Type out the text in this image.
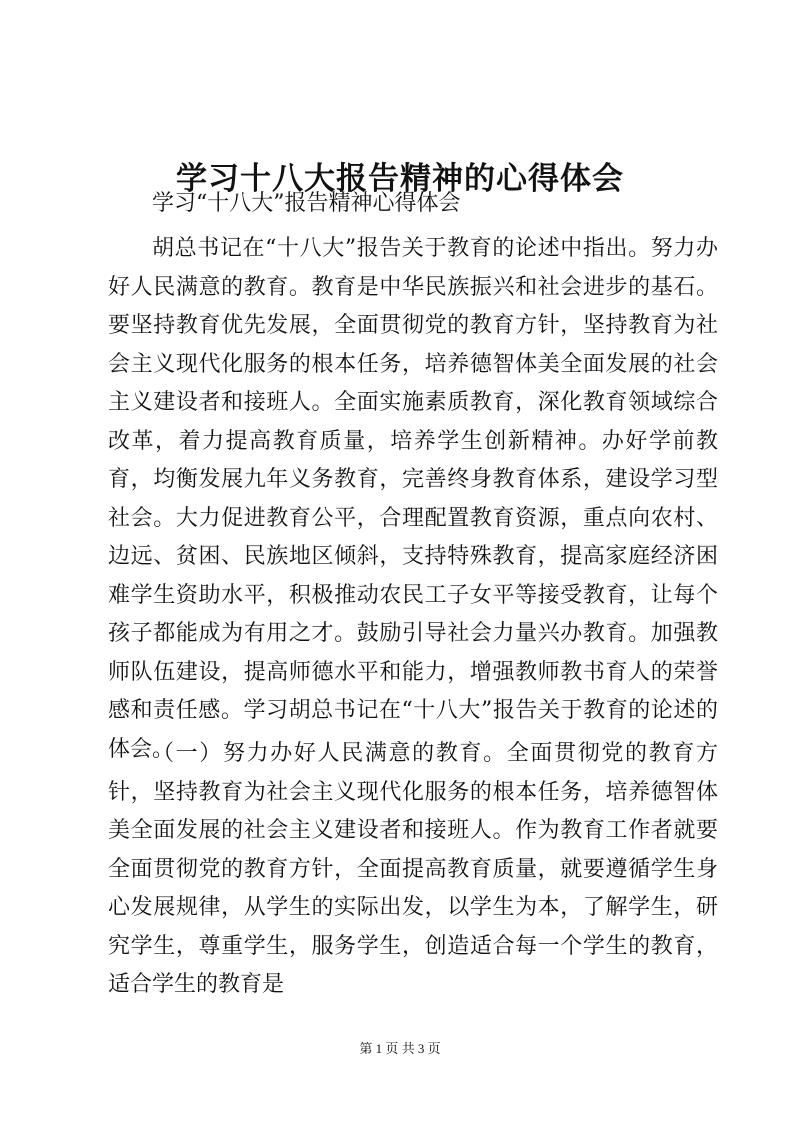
学习十八大报告精神的心得体会

学习“十八大”报告精神心得体会

胡总书记在“十八大”报告关于教育的论述中指出。努力办好人民满意的教育。教育是中华民族振兴和社会进步的基石。要坚持教育优先发展，全面贯彻党的教育方针，坚持教育为社会主义现代化服务的根本任务，培养德智体美全面发展的社会主义建设者和接班人。全面实施素质教育，深化教育领域综合改革，着力提高教育质量，培养学生创新精神。办好学前教育，均衡发展九年义务教育，完善终身教育体系，建设学习型社会。大力促进教育公平，合理配置教育资源，重点向农村、边远、贫困、民族地区倾斜，支持特殊教育，提高家庭经济困难学生资助水平，积极推动农民工子女平等接受教育，让每个孩子都能成为有用之才。鼓励引导社会力量兴办教育。加强教师队伍建设，提高师德水平和能力，增强教师教书育人的荣誉感和责任感。学习胡总书记在“十八大”报告关于教育的论述的体会。

（一）努力办好人民满意的教育。全面贯彻党的教育方针，坚持教育为社会主义现代化服务的根本任务，培养德智体美全面发展的社会主义建设者和接班人。作为教育工作者就要全面贯彻党的教育方针，全面提高教育质量，就要遵循学生身心发展规律，从学生的实际出发，以学生为本，了解学生，研究学生，尊重学生，服务学生，创造适合每一个学生的教育，适合学生的教育是

第 1 页 共 3 页
